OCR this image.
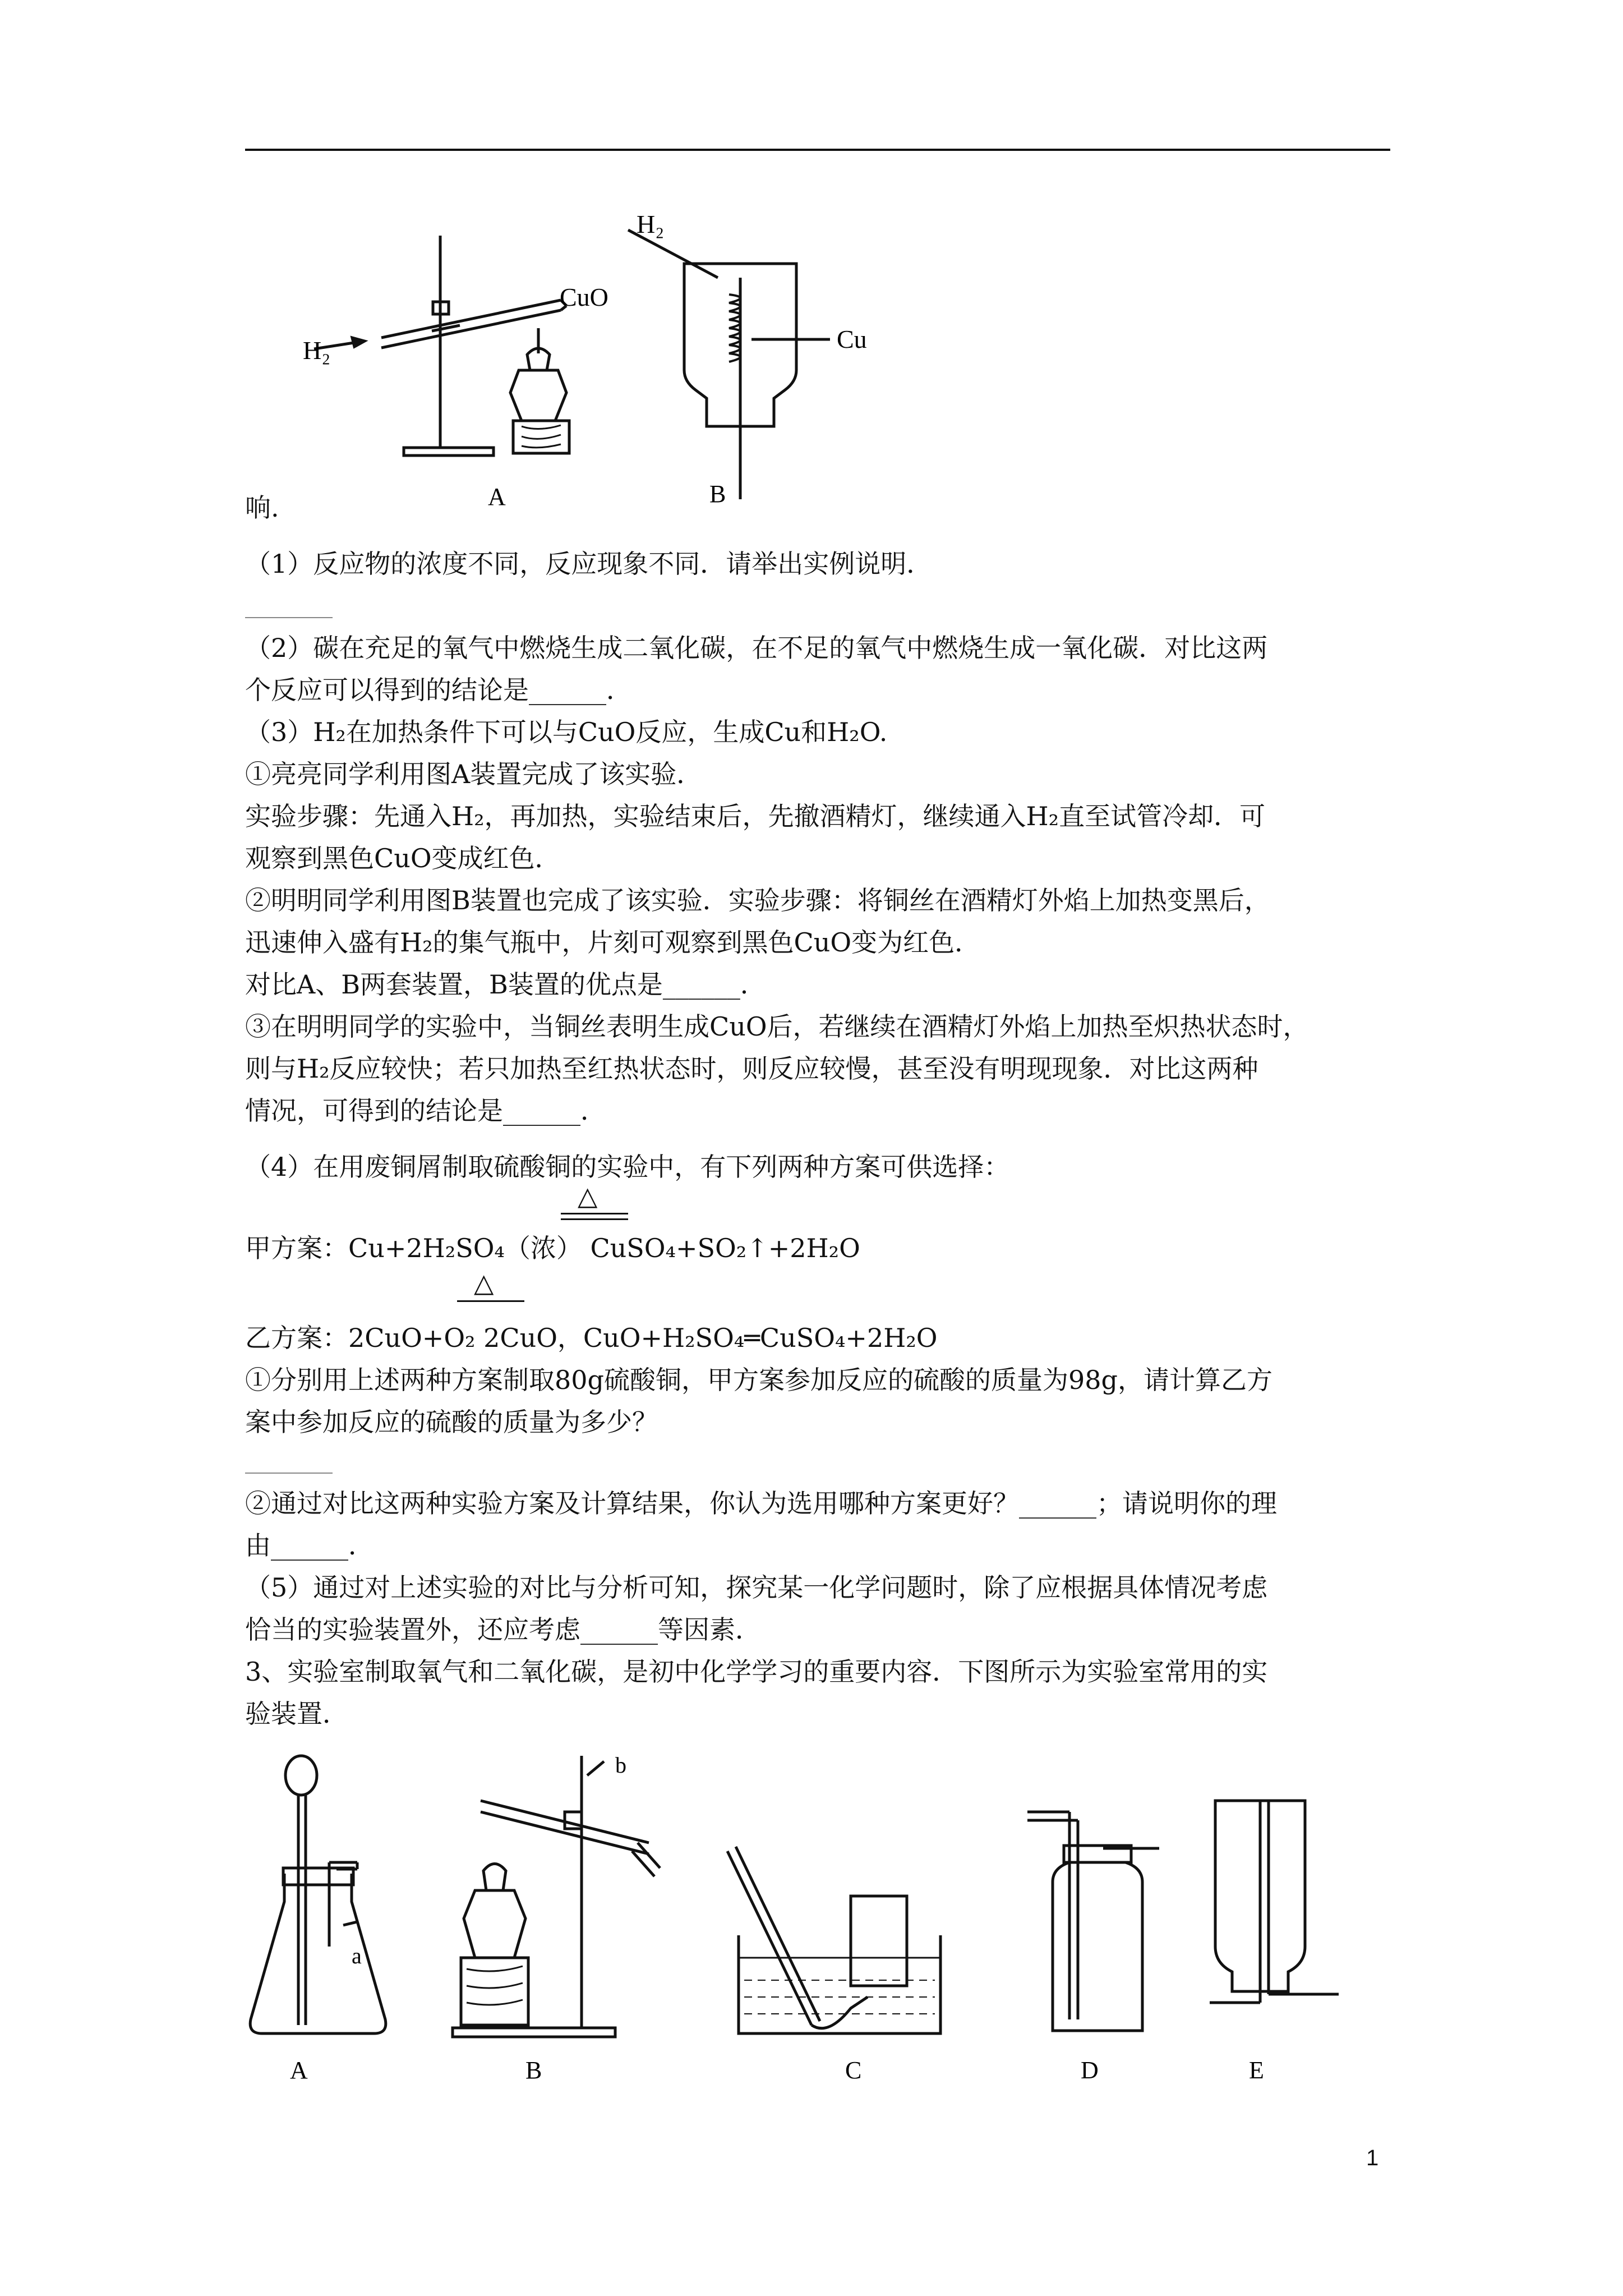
H₂
CuO
A
H₂
Cu
B
响.
（1）反应物的浓度不同，反应现象不同．请举出实例说明．
（2）碳在充足的氧气中燃烧生成二氧化碳，在不足的氧气中燃烧生成一氧化碳．对比这两
个反应可以得到的结论是______．
（3）H₂在加热条件下可以与CuO反应，生成Cu和H₂O.
①亮亮同学利用图A装置完成了该实验．
实验步骤：先通入H₂，再加热，实验结束后，先撤酒精灯，继续通入H₂直至试管冷却．可
观察到黑色CuO变成红色．
②明明同学利用图B装置也完成了该实验．实验步骤：将铜丝在酒精灯外焰上加热变黑后，
迅速伸入盛有H₂的集气瓶中，片刻可观察到黑色CuO变为红色．
对比A、B两套装置，B装置的优点是______．
③在明明同学的实验中，当铜丝表明生成CuO后，若继续在酒精灯外焰上加热至炽热状态时，
则与H₂反应较快；若只加热至红热状态时，则反应较慢，甚至没有明现现象．对比这两种
情况，可得到的结论是______．
（4）在用废铜屑制取硫酸铜的实验中，有下列两种方案可供选择：
△
甲方案：Cu+2H₂SO₄（浓） CuSO₄+SO₂↑+2H₂O
△
乙方案：2CuO+O₂ 2CuO，CuO+H₂SO₄═CuSO₄+2H₂O
①分别用上述两种方案制取80g硫酸铜，甲方案参加反应的硫酸的质量为98g，请计算乙方
案中参加反应的硫酸的质量为多少？
②通过对比这两种实验方案及计算结果，你认为选用哪种方案更好？______；请说明你的理
由______．
（5）通过对上述实验的对比与分析可知，探究某一化学问题时，除了应根据具体情况考虑
恰当的实验装置外，还应考虑______等因素．
3、实验室制取氧气和二氧化碳，是初中化学学习的重要内容．下图所示为实验室常用的实
验装置．
a
b
A	B	C	D	E
1
